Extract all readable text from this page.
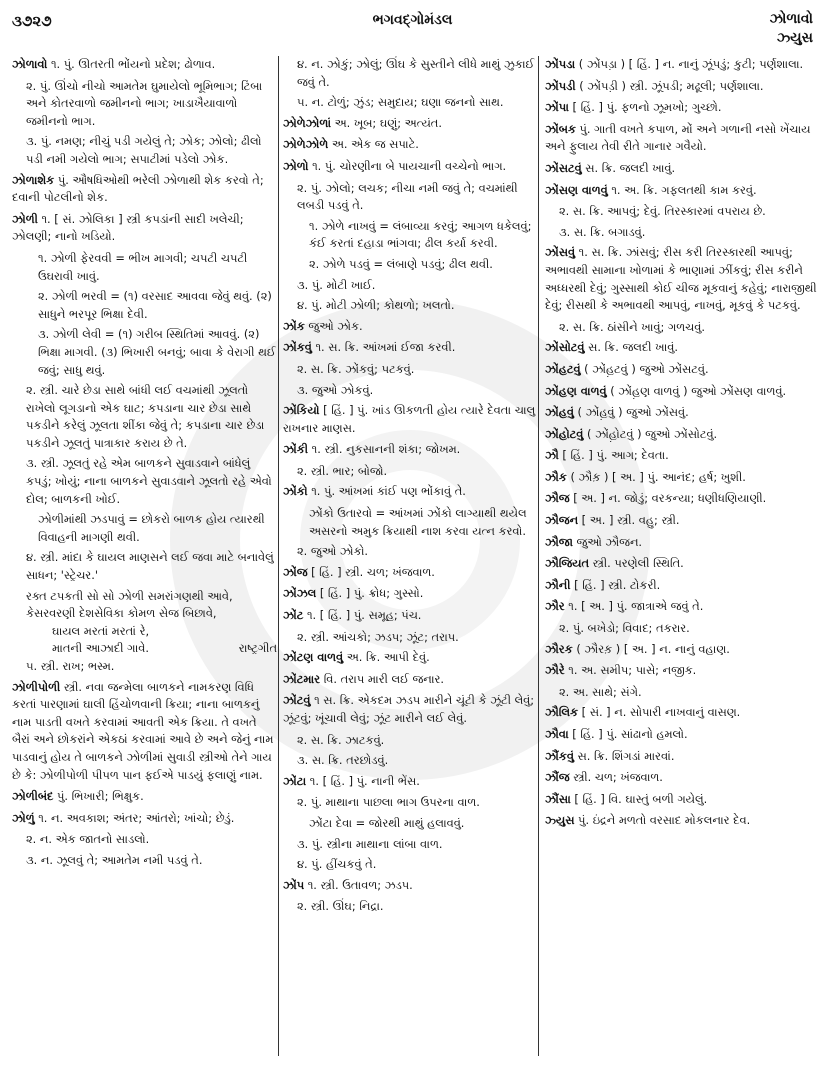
૩૭૨૭	ભગવદ્ગોમંડલ	ઝોળાવો
ઝ્યુસ
ઝોળાવો ૧. પું. ઊતરતી ભોંયનો પ્રદેશ; ઢોળાવ.
૨. પું. ઊંચો નીચો આમતેમ ઘુમાયેલો ભૂમિભાગ; ટિંબા અને કોતરવાળો જમીનનો ભાગ; ખાડાખૈયાવાળો જમીનનો ભાગ.
૩. પું. નમણ; નીચું પડી ગયેલું તે; ઝોક; ઝોલો; ઢીલો પડી નમી ગયેલો ભાગ; સપાટીમાં પડેલો ઝોક.
ઝોળાશેક પું. ઔષધિઓથી ભરેલી ઝોળાથી શેક કરવો તે; દવાની પોટલીનો શેક.
ઝોળી ૧. [ સં. ઝોલિકા ] સ્ત્રી કપડાંની સાદી ખલેચી; ઝોલણી; નાનો ખડિયો.
૧. ઝોળી ફેરવવી = ભીખ માગવી; ચપટી ચપટી ઉઘરાવી ખાવું.
૨. ઝોળી ભરવી = (૧) વરસાદ આવવા જેવું થવું. (૨) સાધુને ભરપૂર ભિક્ષા દેવી.
૩. ઝોળી લેવી = (૧) ગરીબ સ્થિતિમાં આવવું. (૨) ભિક્ષા માગવી. (૩) ભિખારી બનવું; બાવા કે વેરાગી થઈ જવું; સાધુ થવું.
૨. સ્ત્રી. ચારે છેડા સાથે બાંધી લઈ વચમાંથી ઝૂલતો રાખેલો લૂગડાનો એક ઘાટ; કપડાના ચાર છેડા સાથે પકડીને કરેલું ઝૂલતા શીંકા જેવું તે; કપડાના ચાર છેડા પકડીને ઝૂલતું પાત્રાકાર કરાય છે તે.
૩. સ્ત્રી. ઝૂલતું રહે એમ બાળકને સુવાડવાને બાંધેલું કપડું; ખોયું; નાના બાળકને સુવાડવાને ઝૂલતો રહે એવો દોલ; બાળકની ખોઈ.
ઝોળીમાંથી ઝડપાવું = છોકરો બાળક હોય ત્યારથી વિવાહની માગણી થવી.
૪. સ્ત્રી. માંદા કે ઘાયલ માણસને લઈ જવા માટે બનાવેલું સાધન; 'સ્ટ્રેચર.'
રક્ત ટપકતી સો સો ઝોળી સમરાંગણથી આવે,
કેસરવરણી દેશસેવિકા કોમળ સેજ બિછાવે,
ઘાયલ મરતાં મરતાં રે,
માતની આઝાદી ગાવે.	રાષ્ટ્રગીત
૫. સ્ત્રી. રાખ; ભસ્મ.
ઝોળીપોળી સ્ત્રી. નવા જન્મેલા બાળકને નામકરણ વિધિ કરતાં પારણામાં ઘાલી હિંચોળવાની ક્રિયા; નાના બાળકનું નામ પાડતી વખતે કરવામાં આવતી એક ક્રિયા. તે વખતે બૈરાં અને છોકરાંને એકઠાં કરવામાં આવે છે અને જેનું નામ પાડવાનું હોય તે બાળકને ઝોળીમાં સુવાડી સ્ત્રીઓ તેને ગાય છે કે: ઝોળીપોળી પીપળ પાન ફઈએ પાડયું ફલાણું નામ.
ઝોળીબંદ પું. ભિખારી; ભિક્ષુક.
ઝોળું ૧. ન. અવકાશ; અંતર; આંતરો; ખાંચો; છેડું.
૨. ન. એક જાતનો સાડલો.
૩. ન. ઝૂલવું તે; આમતેમ નમી પડવું તે.
૪. ન. ઝોકું; ઝોલું; ઊંઘ કે સુસ્તીને લીધે માથું ઝુકાઈ જવું તે.
૫. ન. ટોળું; ઝુંડ; સમુદાય; ઘણા જનનો સાથ.
ઝોળેઝોળાં અ. ખૂબ; ઘણું; અત્યંત.
ઝોળેઝોળે અ. એક જ સપાટે.
ઝોળો ૧. પું. ચોરણીના બે પાયચાની વચ્ચેનો ભાગ.
૨. પું. ઝોલો; લચક; નીચા નમી જવું તે; વચમાંથી લબડી પડવું તે.
૧. ઝોળે નાખવું = લંબાવ્યા કરવું; આગળ ધકેલવું; કંઈ કરતાં દહાડા ભાંગવા; ઢીલ કર્યા કરવી.
૨. ઝોળે પડવું = લંબાણે પડવું; ઢીલ થવી.
૩. પું. મોટી ખાઈ.
૪. પું. મોટી ઝોળી; કોથળો; ખલતો.
ઝોંક જુઓ ઝોક.
ઝોંકવું ૧. સ. ક્રિ. આંખમાં ઈજા કરવી.
૨. સ. ક્રિ. ઝોંકવું; પટકવું.
૩. જુઓ ઝોકવું.
ઝોંકિયો [ હિં. ] પું. ખાંડ ઊકળતી હોય ત્યારે દેવતા ચાલુ રાખનાર માણસ.
ઝોંકી ૧. સ્ત્રી. નુકસાનની શંકા; જોખમ.
૨. સ્ત્રી. ભાર; બોજો.
ઝોંકો ૧. પું. આંખમાં કાંઈ પણ ભોંકાવું તે.
ઝોંકો ઉતારવો = આંખમાં ઝોંકો લાગ્યાથી થયેલ અસરનો અમુક ક્રિયાથી નાશ કરવા યત્ન કરવો.
૨. જુઓ ઝોકો.
ઝોંજ [ હિં. ] સ્ત્રી. ચળ; ખંજવાળ.
ઝોંઝલ [ હિં. ] પું. ક્રોધ; ગુસ્સો.
ઝોંટ ૧. [ હિં. ] પું. સમૂહ; પંચ.
૨. સ્ત્રી. આંચકો; ઝડપ; ઝૂંટ; તરાપ.
ઝોંટણ વાળવું અ. ક્રિ. આપી દેવું.
ઝોંટમાર વિ. તરાપ મારી લઈ જનાર.
ઝોંટવું ૧ સ. ક્રિ. એકદમ ઝડપ મારીને ચૂંટી કે ઝૂંટી લેવું; ઝૂંટવું; ખૂંચાવી લેવું; ઝૂંટ મારીને લઈ લેવું.
૨. સ. ક્રિ. ઝાટકવું.
૩. સ. ક્રિ. તરછોડવું.
ઝોંટા ૧. [ હિં. ] પું. નાની ભેંસ.
૨. પું. માથાના પાછલા ભાગ ઉપરના વાળ.
ઝોંટા દેવા = જોરથી માથું હલાવવું.
૩. પું. સ્ત્રીના માથાના લાંબા વાળ.
૪. પું. હીંચકવું તે.
ઝોંપ ૧. સ્ત્રી. ઉતાવળ; ઝડપ.
૨. સ્ત્રી. ઊંઘ; નિદ્રા.
ઝોંપડા ( ઝોંપડ઼ા ) [ હિં. ] ન. નાનું ઝૂંપડું; કુટી; પર્ણશાલા.
ઝોંપડી ( ઝોંપડ઼ી ) સ્ત્રી. ઝૂંપડી; મઢૂલી; પર્ણશાલા.
ઝોંપા [ હિં. ] પું. ફળનો ઝૂમખો; ગુચ્છો.
ઝોંબક પું. ગાતી વખતે કપાળ, મોં અને ગળાની નસો ખેંચાય અને ફુલાય તેવી રીતે ગાનાર ગવૈયો.
ઝોંસટવું સ. ક્રિ. જલદી ખાવું.
ઝોંસણ વાળવું ૧. અ. ક્રિ. ગફલતથી કામ કરવું.
૨. સ. ક્રિ. આપવું; દેવું. તિરસ્કારમાં વપરાય છે.
૩. સ. ક્રિ. બગાડવું.
ઝોંસવું ૧. સ. ક્રિ. ઝાંસવું; રીસ કરી તિરસ્કારથી આપવું; અભાવથી સામાના ખોળામાં કે ભાણામાં ઝીંકવું; રીસ કરીને અધ્ધરથી દેવું; ગુસ્સાથી કોઈ ચીજ મૂકવાનું કહેવું; નારાજીથી દેવું; રીસથી કે અભાવથી આપવું, નાખવું, મૂકવું કે પટકવું.
૨. સ. ક્રિ. ઠાંસીને ખાવું; ગળચવું.
ઝોંસોટવું સ. ક્રિ. જલદી ખાવું.
ઝોંહટવું ( ઝોંહ઼ટવું ) જુઓ ઝોંસટવું.
ઝોંહણ વાળવું ( ઝોંહ઼ણ વાળવું ) જુઓ ઝોંસણ વાળવું.
ઝોંહવું ( ઝોંહ઼વું ) જુઓ ઝોંસવું.
ઝોંહોટવું ( ઝોંહ઼ોટવું ) જુઓ ઝોંસોટવું.
ઝૌ [ હિં. ] પું. આગ; દેવતા.
ઝૌક ( ઝૌક઼ ) [ અ. ] પું. આનંદ; હર્ષ; ખુશી.
ઝૌજ [ અ. ] ન. જોડું; વરકન્યા; ધણીધણિયાણી.
ઝૌજન [ અ. ] સ્ત્રી. વહુ; સ્ત્રી.
ઝૌજા જુઓ ઝૌજન.
ઝૌજિયત સ્ત્રી. પરણેલી સ્થિતિ.
ઝૌની [ હિં. ] સ્ત્રી. ટોકરી.
ઝૌર ૧. [ અ. ] પું. જાત્રાએ જવું તે.
૨. પું. બખેડો; વિવાદ; તકરાર.
ઝૌરક ( ઝૌરક઼ ) [ અ. ] ન. નાનું વહાણ.
ઝૌરે ૧. અ. સમીપ; પાસે; નજીક.
૨. અ. સાથે; સંગે.
ઝૌલિક [ સં. ] ન. સોપારી નાખવાનું વાસણ.
ઝૌવા [ હિં. ] પું. સાંઢાનો હમલો.
ઝૌંકવું સ. ક્રિ. શિંગડાં મારવાં.
ઝૌંજ સ્ત્રી. ચળ; ખંજવાળ.
ઝૌંસા [ હિં. ] વિ. ઘાસ્તું બળી ગયેલું.
ઝ્યુસ પું. ઇંદ્રને મળતો વરસાદ મોકલનાર દેવ.
